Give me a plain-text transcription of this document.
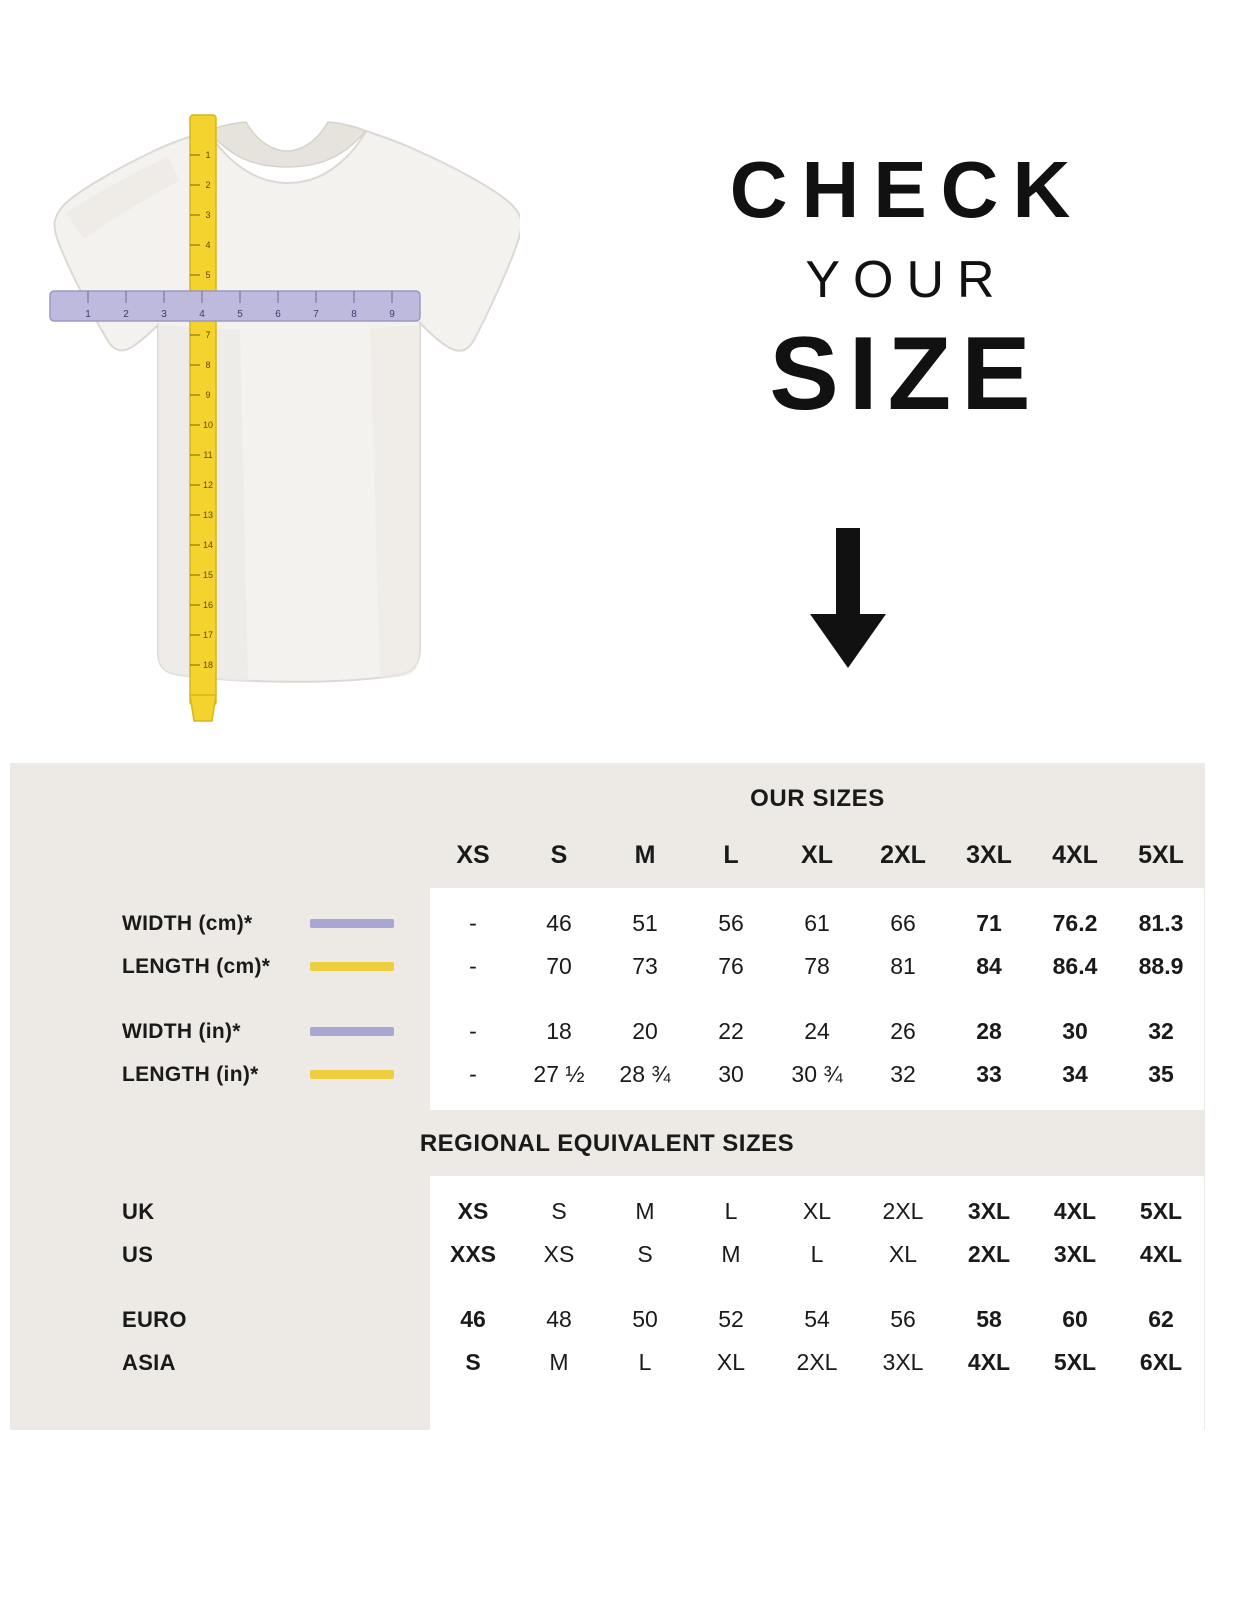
1
2
3
4
5
7
8
9
10
11
12
13
14
15
16
17
18
1	2	3	4	5	6	7	8	9
CHECK
YOUR
SIZE
OUR SIZES
XS	S	M	L	XL	2XL	3XL	4XL	5XL
WIDTH (cm)*	-	46	51	56	61	66	71	76.2	81.3
LENGTH (cm)*	-	70	73	76	78	81	84	86.4	88.9
WIDTH (in)*	-	18	20	22	24	26	28	30	32
LENGTH (in)*	-	27 ½	28 ¾	30	30 ¾	32	33	34	35
REGIONAL EQUIVALENT SIZES
UK	XS	S	M	L	XL	2XL	3XL	4XL	5XL
US	XXS	XS	S	M	L	XL	2XL	3XL	4XL
EURO	46	48	50	52	54	56	58	60	62
ASIA	S	M	L	XL	2XL	3XL	4XL	5XL	6XL
